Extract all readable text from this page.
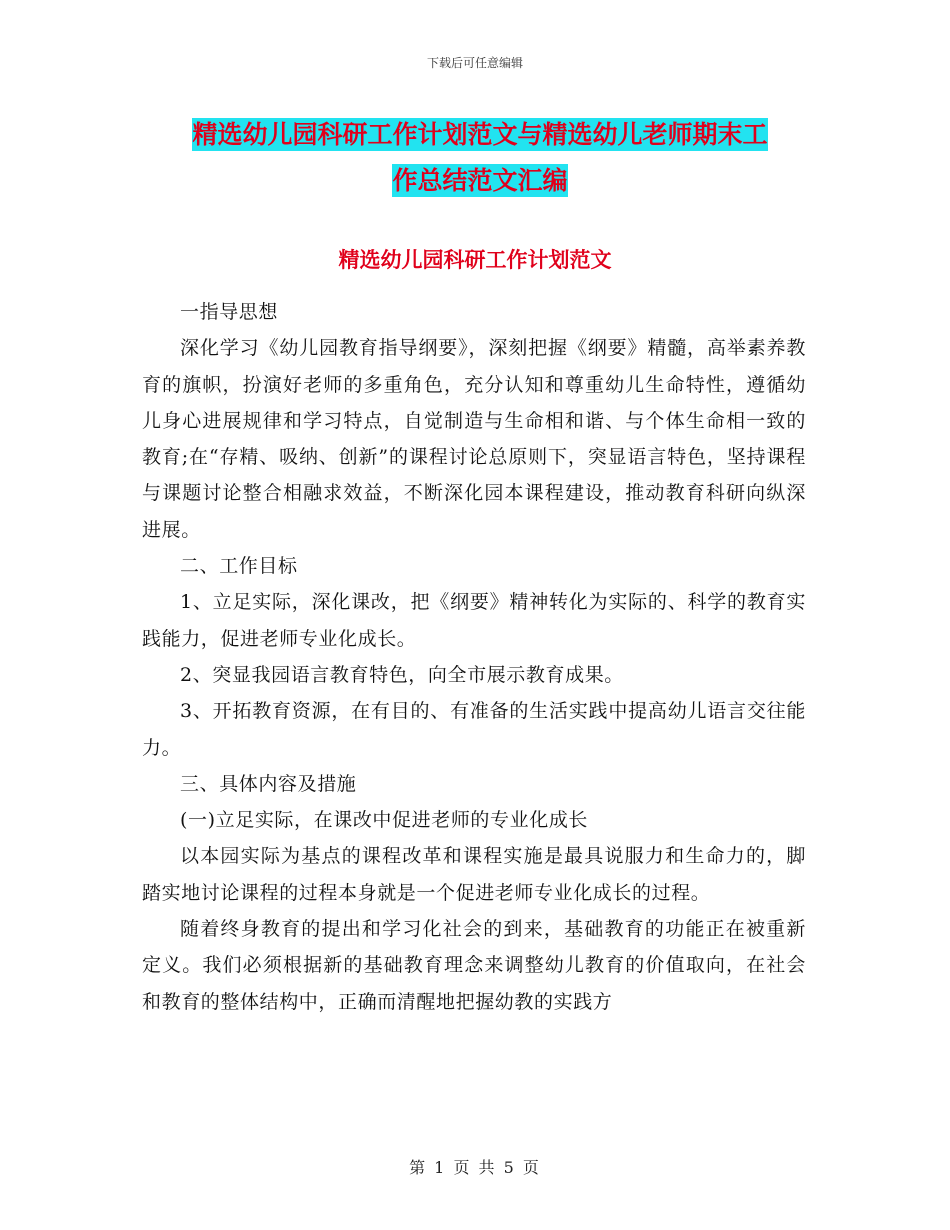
下载后可任意编辑
精选幼儿园科研工作计划范文与精选幼儿老师期末工
作总结范文汇编
精选幼儿园科研工作计划范文

一指导思想

深化学习《幼儿园教育指导纲要》，深刻把握《纲要》精髓，高举素养教育的旗帜，扮演好老师的多重角色，充分认知和尊重幼儿生命特性，遵循幼儿身心进展规律和学习特点，自觉制造与生命相和谐、与个体生命相一致的教育;在“存精、吸纳、创新”的课程讨论总原则下，突显语言特色，坚持课程与课题讨论整合相融求效益，不断深化园本课程建设，推动教育科研向纵深进展。

二、工作目标

1、立足实际，深化课改，把《纲要》精神转化为实际的、科学的教育实践能力，促进老师专业化成长。

2、突显我园语言教育特色，向全市展示教育成果。

3、开拓教育资源，在有目的、有准备的生活实践中提高幼儿语言交往能力。

三、具体内容及措施

(一)立足实际，在课改中促进老师的专业化成长

以本园实际为基点的课程改革和课程实施是最具说服力和生命力的，脚踏实地讨论课程的过程本身就是一个促进老师专业化成长的过程。

随着终身教育的提出和学习化社会的到来，基础教育的功能正在被重新定义。我们必须根据新的基础教育理念来调整幼儿教育的价值取向，在社会和教育的整体结构中，正确而清醒地把握幼教的实践方

第 1 页 共 5 页
